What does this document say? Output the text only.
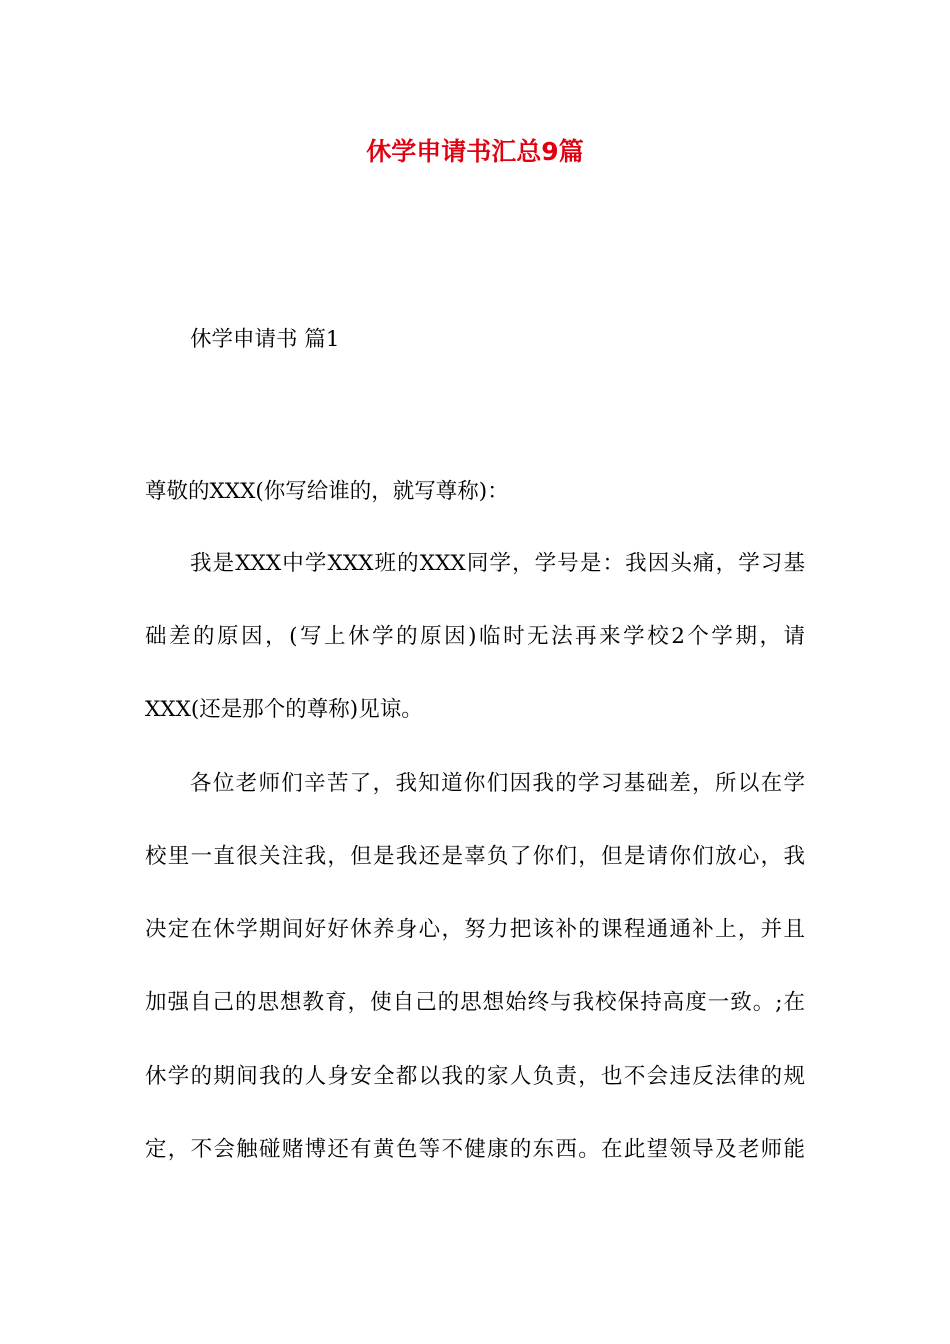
休学申请书汇总9篇

休学申请书 篇1

尊敬的XXX(你写给谁的，就写尊称)：

我是XXX中学XXX班的XXX同学，学号是：我因头痛，学习基

础差的原因，(写上休学的原因)临时无法再来学校2个学期，请

XXX(还是那个的尊称)见谅。

各位老师们辛苦了，我知道你们因我的学习基础差，所以在学

校里一直很关注我，但是我还是辜负了你们，但是请你们放心，我

决定在休学期间好好休养身心，努力把该补的课程通通补上，并且

加强自己的思想教育，使自己的思想始终与我校保持高度一致。;在

休学的期间我的人身安全都以我的家人负责，也不会违反法律的规

定，不会触碰赌博还有黄色等不健康的东西。在此望领导及老师能
